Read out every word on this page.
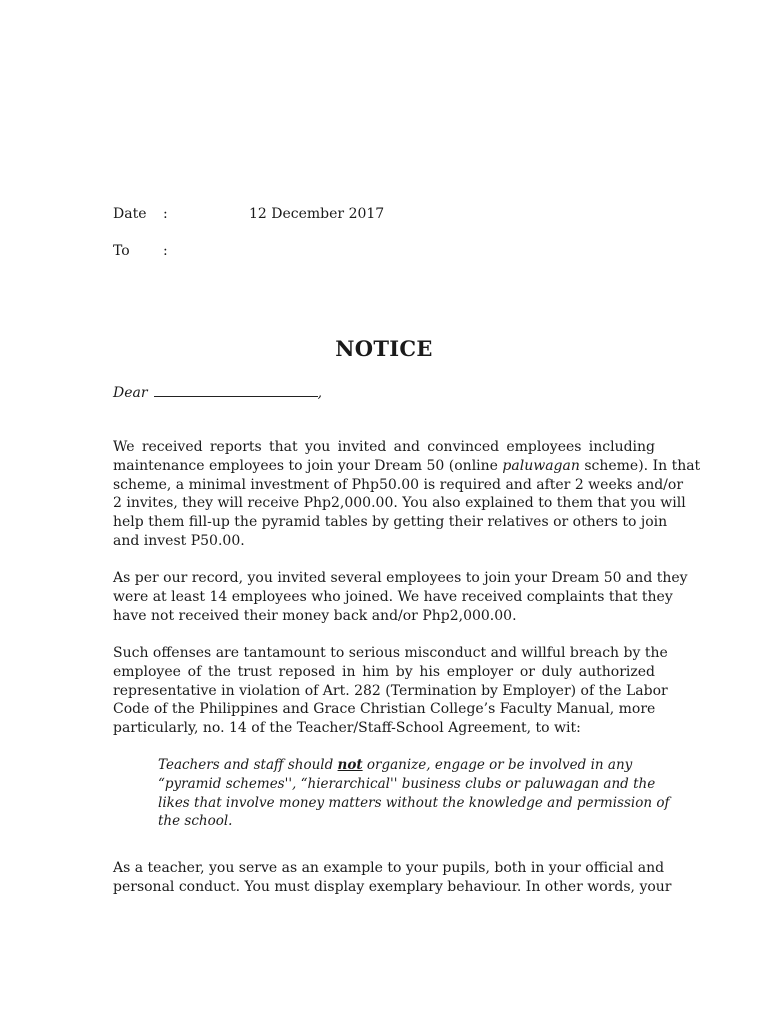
Date :	12 December 2017
To :
NOTICE
Dear	,
We received reports that you invited and convinced employees including
maintenance employees to join your Dream 50 (online paluwagan scheme). In that
scheme, a minimal investment of Php50.00 is required and after 2 weeks and/or
2 invites, they will receive Php2,000.00. You also explained to them that you will
help them fill-up the pyramid tables by getting their relatives or others to join
and invest P50.00.
As per our record, you invited several employees to join your Dream 50 and they
were at least 14 employees who joined. We have received complaints that they
have not received their money back and/or Php2,000.00.
Such offenses are tantamount to serious misconduct and willful breach by the
employee of the trust reposed in him by his employer or duly authorized
representative in violation of Art. 282 (Termination by Employer) of the Labor
Code of the Philippines and Grace Christian College’s Faculty Manual, more
particularly, no. 14 of the Teacher/Staff-School Agreement, to wit:
Teachers and staff should not organize, engage or be involved in any
“pyramid schemes'', “hierarchical'' business clubs or paluwagan and the
likes that involve money matters without the knowledge and permission of
the school.
As a teacher, you serve as an example to your pupils, both in your official and
personal conduct. You must display exemplary behaviour. In other words, your
